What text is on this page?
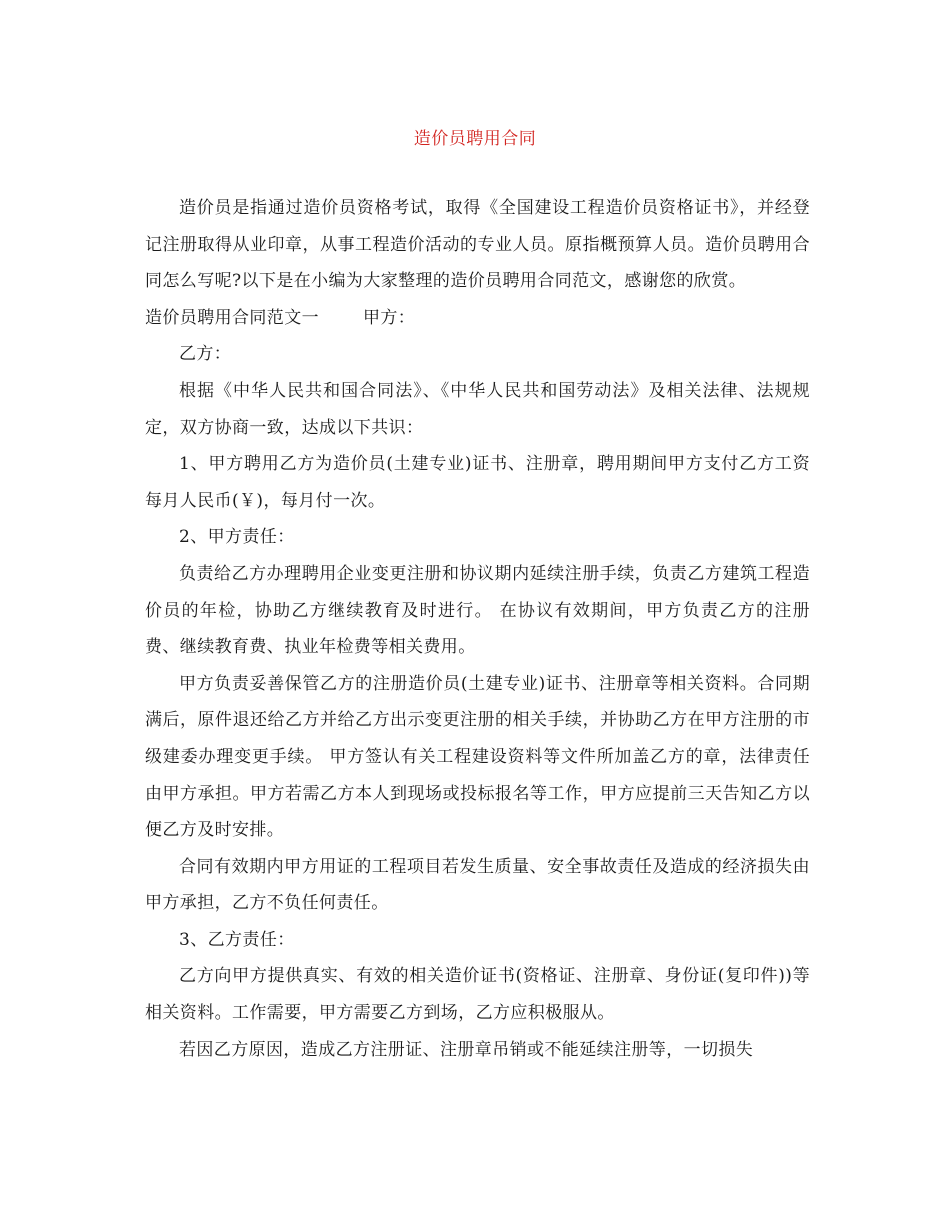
造价员聘用合同

造价员是指通过造价员资格考试，取得《全国建设工程造价员资格证书》，并经登记注册取得从业印章，从事工程造价活动的专业人员。原指概预算人员。造价员聘用合同怎么写呢?以下是在小编为大家整理的造价员聘用合同范文，感谢您的欣赏。

造价员聘用合同范文一	甲方：

乙方：

根据《中华人民共和国合同法》、《中华人民共和国劳动法》及相关法律、法规规定，双方协商一致，达成以下共识：

1、甲方聘用乙方为造价员(土建专业)证书、注册章，聘用期间甲方支付乙方工资每月人民币(￥)，每月付一次。

2、甲方责任：

负责给乙方办理聘用企业变更注册和协议期内延续注册手续，负责乙方建筑工程造价员的年检，协助乙方继续教育及时进行。 在协议有效期间，甲方负责乙方的注册费、继续教育费、执业年检费等相关费用。

甲方负责妥善保管乙方的注册造价员(土建专业)证书、注册章等相关资料。合同期满后，原件退还给乙方并给乙方出示变更注册的相关手续，并协助乙方在甲方注册的市级建委办理变更手续。 甲方签认有关工程建设资料等文件所加盖乙方的章，法律责任由甲方承担。甲方若需乙方本人到现场或投标报名等工作，甲方应提前三天告知乙方以便乙方及时安排。

合同有效期内甲方用证的工程项目若发生质量、安全事故责任及造成的经济损失由甲方承担，乙方不负任何责任。

3、乙方责任：

乙方向甲方提供真实、有效的相关造价证书(资格证、注册章、身份证(复印件))等相关资料。工作需要，甲方需要乙方到场，乙方应积极服从。

若因乙方原因，造成乙方注册证、注册章吊销或不能延续注册等，一切损失
